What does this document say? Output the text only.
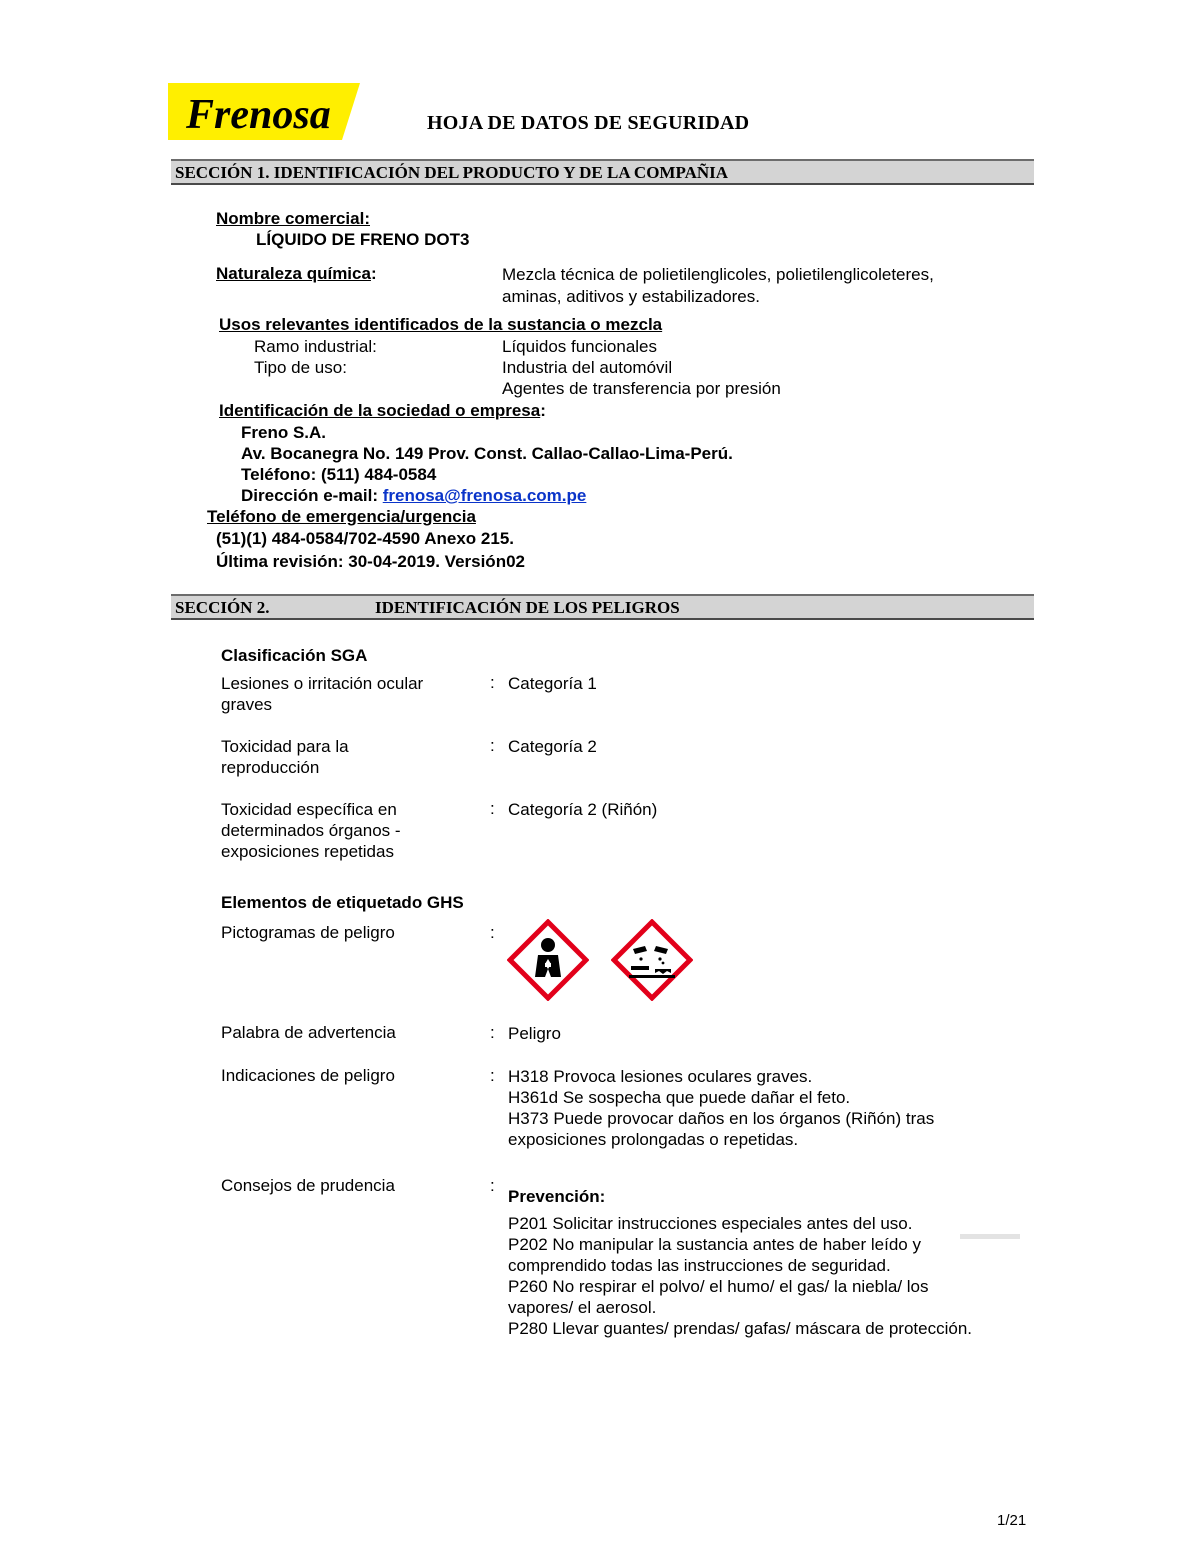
Frenosa	HOJA DE DATOS DE SEGURIDAD
SECCIÓN 1. IDENTIFICACIÓN DEL PRODUCTO Y DE LA COMPAÑIA
Nombre comercial:
LÍQUIDO DE FRENO DOT3
Naturaleza química:	Mezcla técnica de polietilenglicoles, polietilenglicoleteres,
aminas, aditivos y estabilizadores.
Usos relevantes identificados de la sustancia o mezcla
Ramo industrial:	Líquidos funcionales
Tipo de uso:	Industria del automóvil
Agentes de transferencia por presión
Identificación de la sociedad o empresa:
Freno S.A.
Av. Bocanegra No. 149 Prov. Const. Callao-Callao-Lima-Perú.
Teléfono: (511) 484-0584
Dirección e-mail: frenosa@frenosa.com.pe
Teléfono de emergencia/urgencia
(51)(1) 484-0584/702-4590 Anexo 215.
Última revisión: 30-04-2019. Versión02
SECCIÓN 2.	IDENTIFICACIÓN DE LOS PELIGROS
Clasificación SGA
Lesiones o irritación ocular graves
: Categoría 1
Toxicidad para la reproducción
: Categoría 2
Toxicidad específica en determinados órganos - exposiciones repetidas
: Categoría 2 (Riñón)
Elementos de etiquetado GHS
Pictogramas de peligro	:
Palabra de advertencia	: Peligro
Indicaciones de peligro	: H318 Provoca lesiones oculares graves.
H361d Se sospecha que puede dañar el feto.
H373 Puede provocar daños en los órganos (Riñón) tras
exposiciones prolongadas o repetidas.
Consejos de prudencia	:
Prevención:
P201 Solicitar instrucciones especiales antes del uso.
P202 No manipular la sustancia antes de haber leído y
comprendido todas las instrucciones de seguridad.
P260 No respirar el polvo/ el humo/ el gas/ la niebla/ los
vapores/ el aerosol.
P280 Llevar guantes/ prendas/ gafas/ máscara de protección.
1/21
